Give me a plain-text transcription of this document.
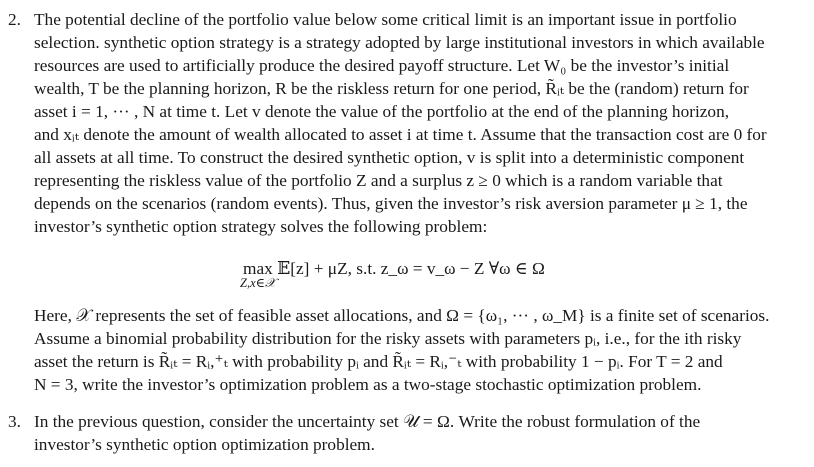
2. The potential decline of the portfolio value below some critical limit is an important issue in portfolio
selection. synthetic option strategy is a strategy adopted by large institutional investors in which available
resources are used to artificially produce the desired payoff structure. Let W₀ be the investor’s initial
wealth, T be the planning horizon, R be the riskless return for one period, R̃ᵢₜ be the (random) return for
asset i = 1, ··· , N at time t. Let v denote the value of the portfolio at the end of the planning horizon,
and xᵢₜ denote the amount of wealth allocated to asset i at time t. Assume that the transaction cost are 0 for
all assets at all time. To construct the desired synthetic option, v is split into a deterministic component
representing the riskless value of the portfolio Z and a surplus z ≥ 0 which is a random variable that
depends on the scenarios (random events). Thus, given the investor’s risk aversion parameter μ ≥ 1, the
investor’s synthetic option strategy solves the following problem:
max 𝔼[z] + μZ, s.t. z_ω = v_ω − Z ∀ω ∈ Ω
Z,x∈𝒳
Here, 𝒳 represents the set of feasible asset allocations, and Ω = {ω₁, ··· , ω_M} is a finite set of scenarios.
Assume a binomial probability distribution for the risky assets with parameters pᵢ, i.e., for the ith risky
asset the return is R̃ᵢₜ = Rᵢ,⁺ₜ with probability pᵢ and R̃ᵢₜ = Rᵢ,⁻ₜ with probability 1 − pᵢ. For T = 2 and
N = 3, write the investor’s optimization problem as a two-stage stochastic optimization problem.
3. In the previous question, consider the uncertainty set 𝒰 = Ω. Write the robust formulation of the
investor’s synthetic option optimization problem.
